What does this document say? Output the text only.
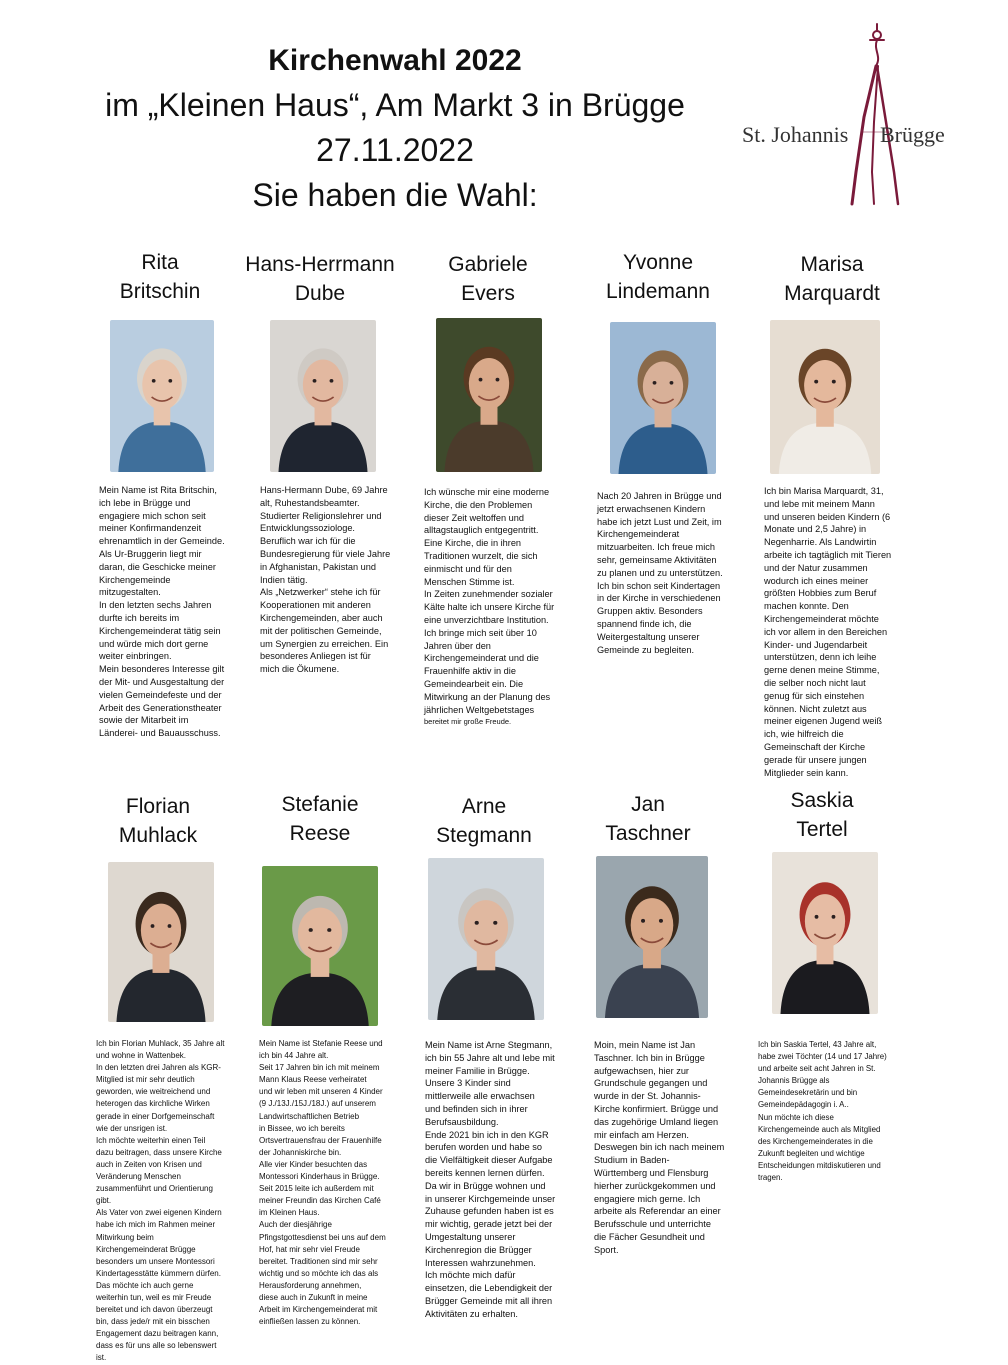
Kirchenwahl 2022
im „Kleinen Haus“, Am Markt 3 in Brügge
27.11.2022
Sie haben die Wahl:
St. Johannis Brügge
Rita
Britschin
Mein Name ist Rita Britschin,
ich lebe in Brügge und
engagiere mich schon seit
meiner Konfirmandenzeit
ehrenamtlich in der Gemeinde.
Als Ur-Bruggerin liegt mir
daran, die Geschicke meiner
Kirchengemeinde
mitzugestalten.
In den letzten sechs Jahren
durfte ich bereits im
Kirchengemeinderat tätig sein
und würde mich dort gerne
weiter einbringen.
Mein besonderes Interesse gilt
der Mit- und Ausgestaltung der
vielen Gemeindefeste und der
Arbeit des Generationstheater
sowie der Mitarbeit im
Länderei- und Bauausschuss.
Hans-Herrmann
Dube
Hans-Hermann Dube, 69 Jahre
alt, Ruhestandsbeamter.
Studierter Religionslehrer und
Entwicklungssoziologe.
Beruflich war ich für die
Bundesregierung für viele Jahre
in Afghanistan, Pakistan und
Indien tätig.
Als „Netzwerker“ stehe ich für
Kooperationen mit anderen
Kirchengemeinden, aber auch
mit der politischen Gemeinde,
um Synergien zu erreichen. Ein
besonderes Anliegen ist für
mich die Ökumene.
Gabriele
Evers
Ich wünsche mir eine moderne
Kirche, die den Problemen
dieser Zeit weltoffen und
alltagstauglich entgegentritt.
Eine Kirche, die in ihren
Traditionen wurzelt, die sich
einmischt und für den
Menschen Stimme ist.
In Zeiten zunehmender sozialer
Kälte halte ich unsere Kirche für
eine unverzichtbare Institution.
Ich bringe mich seit über 10
Jahren über den
Kirchengemeinderat und die
Frauenhilfe aktiv in die
Gemeindearbeit ein. Die
Mitwirkung an der Planung des
jährlichen Weltgebetstages
bereitet mir große Freude.
Yvonne
Lindemann
Nach 20 Jahren in Brügge und
jetzt erwachsenen Kindern
habe ich jetzt Lust und Zeit, im
Kirchengemeinderat
mitzuarbeiten. Ich freue mich
sehr, gemeinsame Aktivitäten
zu planen und zu unterstützen.
Ich bin schon seit Kindertagen
in der Kirche in verschiedenen
Gruppen aktiv. Besonders
spannend finde ich, die
Weitergestaltung unserer
Gemeinde zu begleiten.
Marisa
Marquardt
Ich bin Marisa Marquardt, 31,
und lebe mit meinem Mann
und unseren beiden Kindern (6
Monate und 2,5 Jahre) in
Negenharrie. Als Landwirtin
arbeite ich tagtäglich mit Tieren
und der Natur zusammen
wodurch ich eines meiner
größten Hobbies zum Beruf
machen konnte. Den
Kirchengemeinderat möchte
ich vor allem in den Bereichen
Kinder- und Jugendarbeit
unterstützen, denn ich leihe
gerne denen meine Stimme,
die selber noch nicht laut
genug für sich einstehen
können. Nicht zuletzt aus
meiner eigenen Jugend weiß
ich, wie hilfreich die
Gemeinschaft der Kirche
gerade für unsere jungen
Mitglieder sein kann.
Florian
Muhlack
Ich bin Florian Muhlack, 35 Jahre alt
und wohne in Wattenbek.
In den letzten drei Jahren als KGR-
Mitglied ist mir sehr deutlich
geworden, wie weitreichend und
heterogen das kirchliche Wirken
gerade in einer Dorfgemeinschaft
wie der unsrigen ist.
Ich möchte weiterhin einen Teil
dazu beitragen, dass unsere Kirche
auch in Zeiten von Krisen und
Veränderung Menschen
zusammenführt und Orientierung
gibt.
Als Vater von zwei eigenen Kindern
habe ich mich im Rahmen meiner
Mitwirkung beim
Kirchengemeinderat Brügge
besonders um unsere Montessori
Kindertagesstätte kümmern dürfen.
Das möchte ich auch gerne
weiterhin tun, weil es mir Freude
bereitet und ich davon überzeugt
bin, dass jede/r mit ein bisschen
Engagement dazu beitragen kann,
dass es für uns alle so lebenswert
ist.
Stefanie
Reese
Mein Name ist Stefanie Reese und
ich bin 44 Jahre alt.
Seit 17 Jahren bin ich mit meinem
Mann Klaus Reese verheiratet
und wir leben mit unseren 4 Kinder
(9 J./13J./15J./18J.) auf unserem
Landwirtschaftlichen Betrieb
in Bissee, wo ich bereits
Ortsvertrauensfrau der Frauenhilfe
der Johanniskirche bin.
Alle vier Kinder besuchten das
Montessori Kinderhaus in Brügge.
Seit 2015 leite ich außerdem mit
meiner Freundin das Kirchen Café
im Kleinen Haus.
Auch der diesjährige
Pfingstgottesdienst bei uns auf dem
Hof, hat mir sehr viel Freude
bereitet. Traditionen sind mir sehr
wichtig und so möchte ich das als
Herausforderung annehmen,
diese auch in Zukunft in meine
Arbeit im Kirchengemeinderat mit
einfließen lassen zu können.
Arne
Stegmann
Mein Name ist Arne Stegmann,
ich bin 55 Jahre alt und lebe mit
meiner Familie in Brügge.
Unsere 3 Kinder sind
mittlerweile alle erwachsen
und befinden sich in ihrer
Berufsausbildung.
Ende 2021 bin ich in den KGR
berufen worden und habe so
die Vielfältigkeit dieser Aufgabe
bereits kennen lernen dürfen.
Da wir in Brügge wohnen und
in unserer Kirchgemeinde unser
Zuhause gefunden haben ist es
mir wichtig, gerade jetzt bei der
Umgestaltung unserer
Kirchenregion die Brügger
Interessen wahrzunehmen.
Ich möchte mich dafür
einsetzen, die Lebendigkeit der
Brügger Gemeinde mit all ihren
Aktivitäten zu erhalten.
Jan
Taschner
Moin, mein Name ist Jan
Taschner. Ich bin in Brügge
aufgewachsen, hier zur
Grundschule gegangen und
wurde in der St. Johannis-
Kirche konfirmiert. Brügge und
das zugehörige Umland liegen
mir einfach am Herzen.
Deswegen bin ich nach meinem
Studium in Baden-
Württemberg und Flensburg
hierher zurückgekommen und
engagiere mich gerne. Ich
arbeite als Referendar an einer
Berufsschule und unterrichte
die Fächer Gesundheit und
Sport.
Saskia
Tertel
Ich bin Saskia Tertel, 43 Jahre alt,
habe zwei Töchter (14 und 17 Jahre)
und arbeite seit acht Jahren in St.
Johannis Brügge als
Gemeindesekretärin und bin
Gemeindepädagogin i. A..
Nun möchte ich diese
Kirchengemeinde auch als Mitglied
des Kirchengemeinderates in die
Zukunft begleiten und wichtige
Entscheidungen mitdiskutieren und
tragen.
